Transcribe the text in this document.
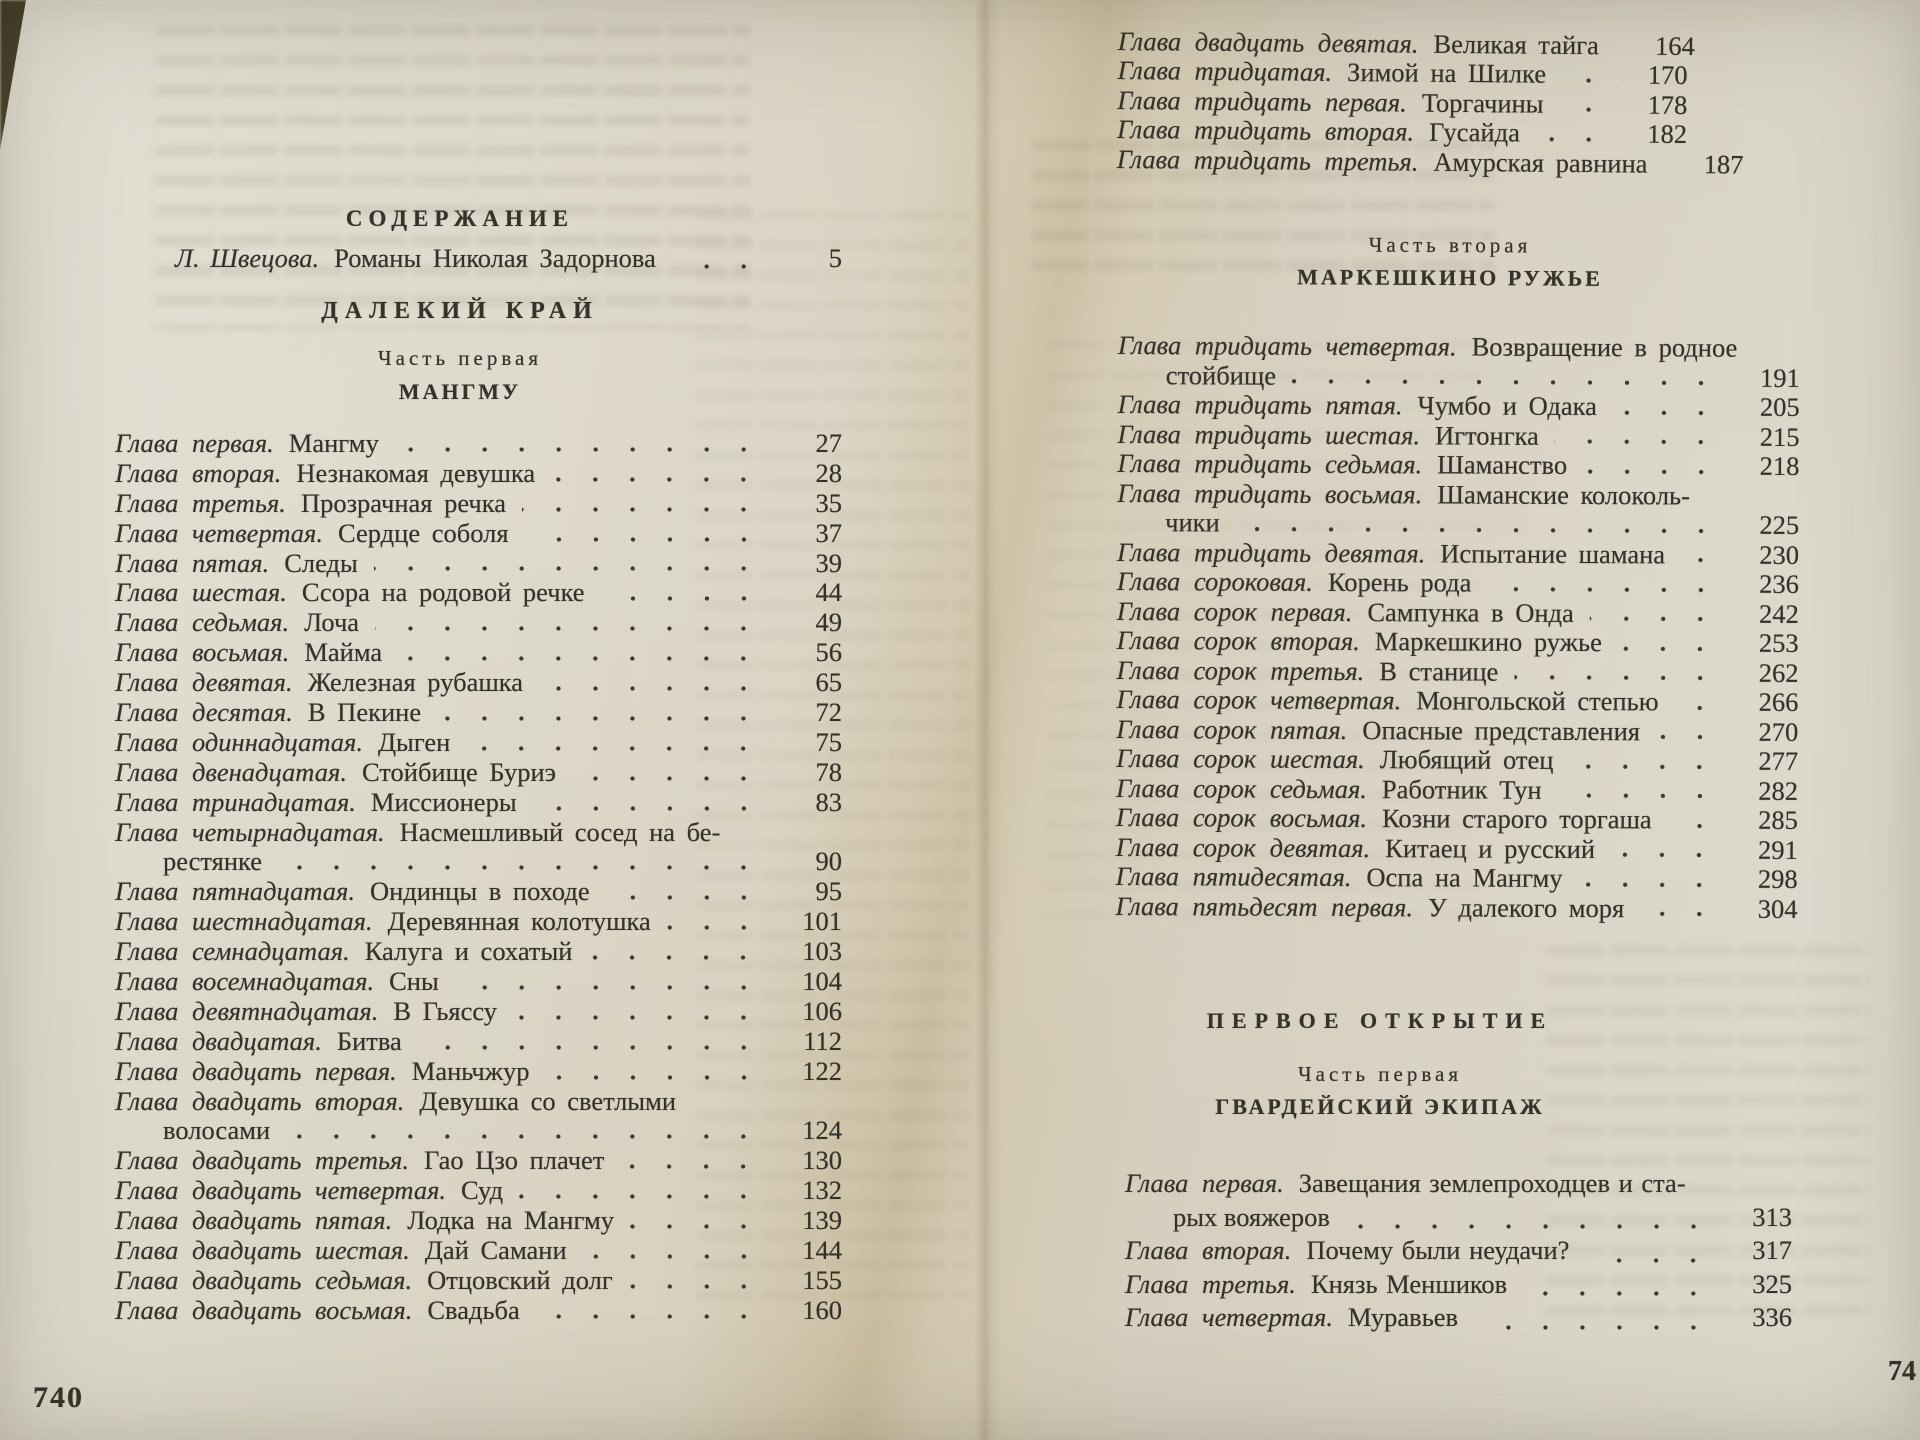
СОДЕРЖАНИЕ
Л. Швецова. Романы Николая Задорнова	5
ДАЛЕКИЙ КРАЙ
Часть первая
МАНГМУ
Глава первая. Мангму	27
Глава вторая. Незнакомая девушка	28
Глава третья. Прозрачная речка	35
Глава четвертая. Сердце соболя	37
Глава пятая. Следы	39
Глава шестая. Ссора на родовой речке	44
Глава седьмая. Лоча	49
Глава восьмая. Майма	56
Глава девятая. Железная рубашка	65
Глава десятая. В Пекине	72
Глава одиннадцатая. Дыген	75
Глава двенадцатая. Стойбище Буриэ	78
Глава тринадцатая. Миссионеры	83
Глава четырнадцатая. Насмешливый сосед на бе-
рестянке	90
Глава пятнадцатая. Ондинцы в походе	95
Глава шестнадцатая. Деревянная колотушка	101
Глава семнадцатая. Калуга и сохатый	103
Глава восемнадцатая. Сны	104
Глава девятнадцатая. В Гьяссу	106
Глава двадцатая. Битва	112
Глава двадцать первая. Маньчжур	122
Глава двадцать вторая. Девушка со светлыми
волосами	124
Глава двадцать третья. Гао Цзо плачет	130
Глава двадцать четвертая. Суд	132
Глава двадцать пятая. Лодка на Мангму	139
Глава двадцать шестая. Дай Самани	144
Глава двадцать седьмая. Отцовский долг	155
Глава двадцать восьмая. Свадьба	160
740
Глава двадцать девятая. Великая тайга	164
Глава тридцатая. Зимой на Шилке	170
Глава тридцать первая. Торгачины	178
Глава тридцать вторая. Гусайда	182
Глава тридцать третья. Амурская равнина	187
Часть вторая
МАРКЕШКИНО РУЖЬЕ
Глава тридцать четвертая. Возвращение в родное
стойбище	191
Глава тридцать пятая. Чумбо и Одака	205
Глава тридцать шестая. Игтонгка	215
Глава тридцать седьмая. Шаманство	218
Глава тридцать восьмая. Шаманские колоколь-
чики	225
Глава тридцать девятая. Испытание шамана	230
Глава сороковая. Корень рода	236
Глава сорок первая. Сампунка в Онда	242
Глава сорок вторая. Маркешкино ружье	253
Глава сорок третья. В станице	262
Глава сорок четвертая. Монгольской степью	266
Глава сорок пятая. Опасные представления	270
Глава сорок шестая. Любящий отец	277
Глава сорок седьмая. Работник Тун	282
Глава сорок восьмая. Козни старого торгаша	285
Глава сорок девятая. Китаец и русский	291
Глава пятидесятая. Оспа на Мангму	298
Глава пятьдесят первая. У далекого моря	304
ПЕРВОЕ ОТКРЫТИЕ
Часть первая
ГВАРДЕЙСКИЙ ЭКИПАЖ
Глава первая. Завещания землепроходцев и ста-
рых вояжеров	313
Глава вторая. Почему были неудачи?	317
Глава третья. Князь Меншиков	325
Глава четвертая. Муравьев	336
74
